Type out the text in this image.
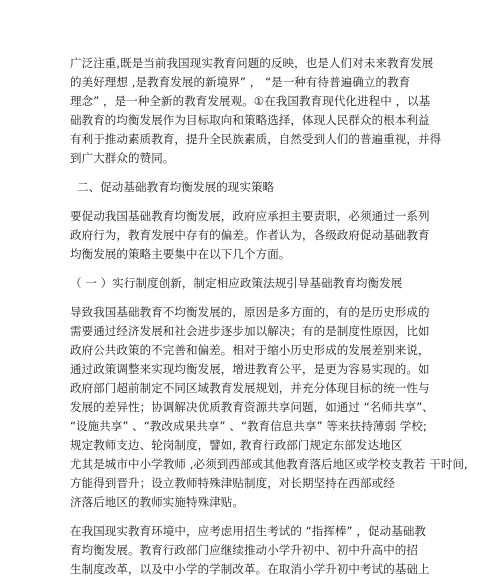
广泛注重,既是当前我国现实教育问题的反映，也是人们对未来教育发展
的美好理想 ,是教育发展的新境界” ， “是一种有待普遍确立的教育
理念” ，是一种全新的教育发展观。①在我国教育现代化进程中 ，以基
础教育的均衡发展作为目标取向和策略选择，体现人民群众的根本利益
有利于推动素质教育，提升全民族素质，自然受到人们的普遍重视，并得
到广大群众的赞同。
二、促动基础教育均衡发展的现实策略
要促动我国基础教育均衡发展，政府应承担主要责职，必须通过一系列
政府行为，教育发展中存有的偏差。作者认为，各级政府促动基础教育
均衡发展的策略主要集中在以下几个方面。
（ 一 ）实行制度创新，制定相应政策法规引导基础教育均衡发展
导致我国基础教育不均衡发展的，原因是多方面的，有的是历史形成的
需要通过经济发展和社会进步逐步加以解决；有的是制度性原因，比如
政府公共政策的不完善和偏差。相对于缩小历史形成的发展差别来说，
通过政策调整来实现均衡发展，增进教育公平，是更为容易实现的。如
政府部门超前制定不同区域教育发展规划，并充分体现目标的统一性与
发展的差异性；协调解决优质教育资源共享问题，如通过 “名师共享”、
“设施共享” 、“教改成果共享” 、“教育信息共享” 等来扶持薄弱 学校;
规定教师支边、轮岗制度，譬如, 教育行政部门规定东部发达地区
尤其是城市中小学教师 ,必须到西部或其他教育落后地区或学校支教若 干时间,
方能得到晋升；设立教师特殊津贴制度，对长期坚持在西部或经
济落后地区的教师实施特殊津贴。
在我国现实教育环境中，应考虑用招生考试的 “指挥棒” ，促动基础教
育均衡发展。教育行政部门应继续推动小学升初中、初中升高中的招
生制度改革，以及中小学的学制改革。在取消小学升初中考试的基础上
